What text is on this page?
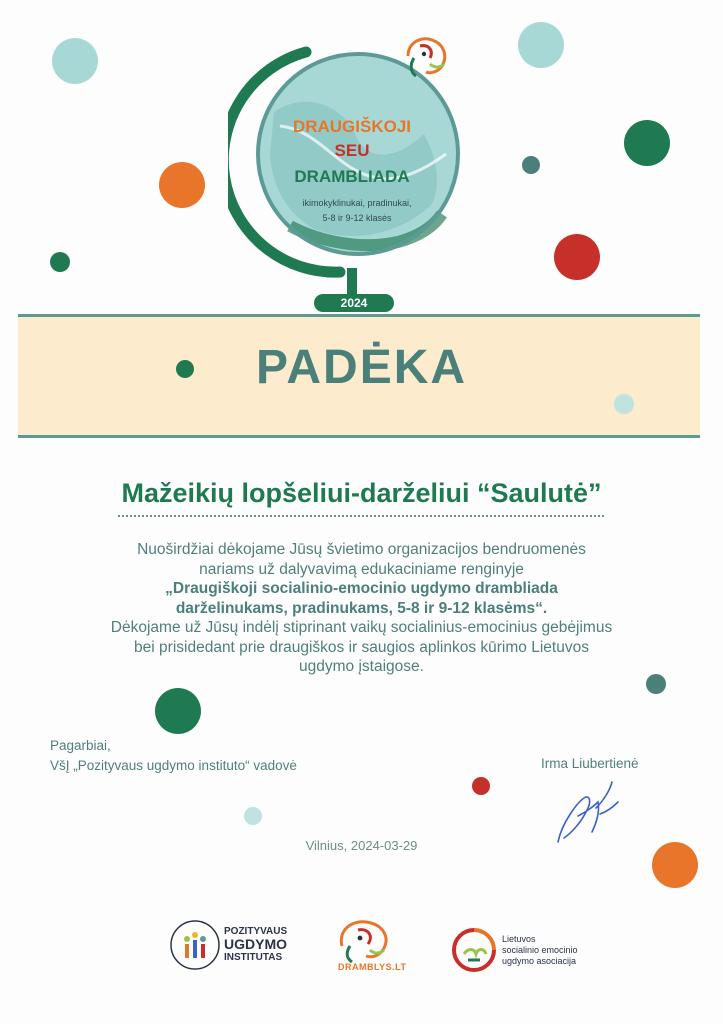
DRAUGIŠKOJI
SEU
DRAMBLIADA
ikimokyklinukai, pradinukai,
5-8 ir 9-12 klasės
2024
PADĖKA
Mažeikių lopšeliui-darželiui “Saulutė”
Nuoširdžiai dėkojame Jūsų švietimo organizacijos bendruomenės
nariams už dalyvavimą edukaciniame renginyje
„Draugiškoji socialinio-emocinio ugdymo drambliada
darželinukams, pradinukams, 5-8 ir 9-12 klasėms“.
Dėkojame už Jūsų indėlį stiprinant vaikų socialinius-emocinius gebėjimus
bei prisidedant prie draugiškos ir saugios aplinkos kūrimo Lietuvos
ugdymo įstaigose.
Pagarbiai,
VšĮ „Pozityvaus ugdymo instituto“ vadovė	Irma Liubertienė
Vilnius, 2024-03-29
POZITYVAUS
UGDYMO
INSTITUTAS
DRAMBLYS.LT
Lietuvos
socialinio emocinio
ugdymo asociacija
